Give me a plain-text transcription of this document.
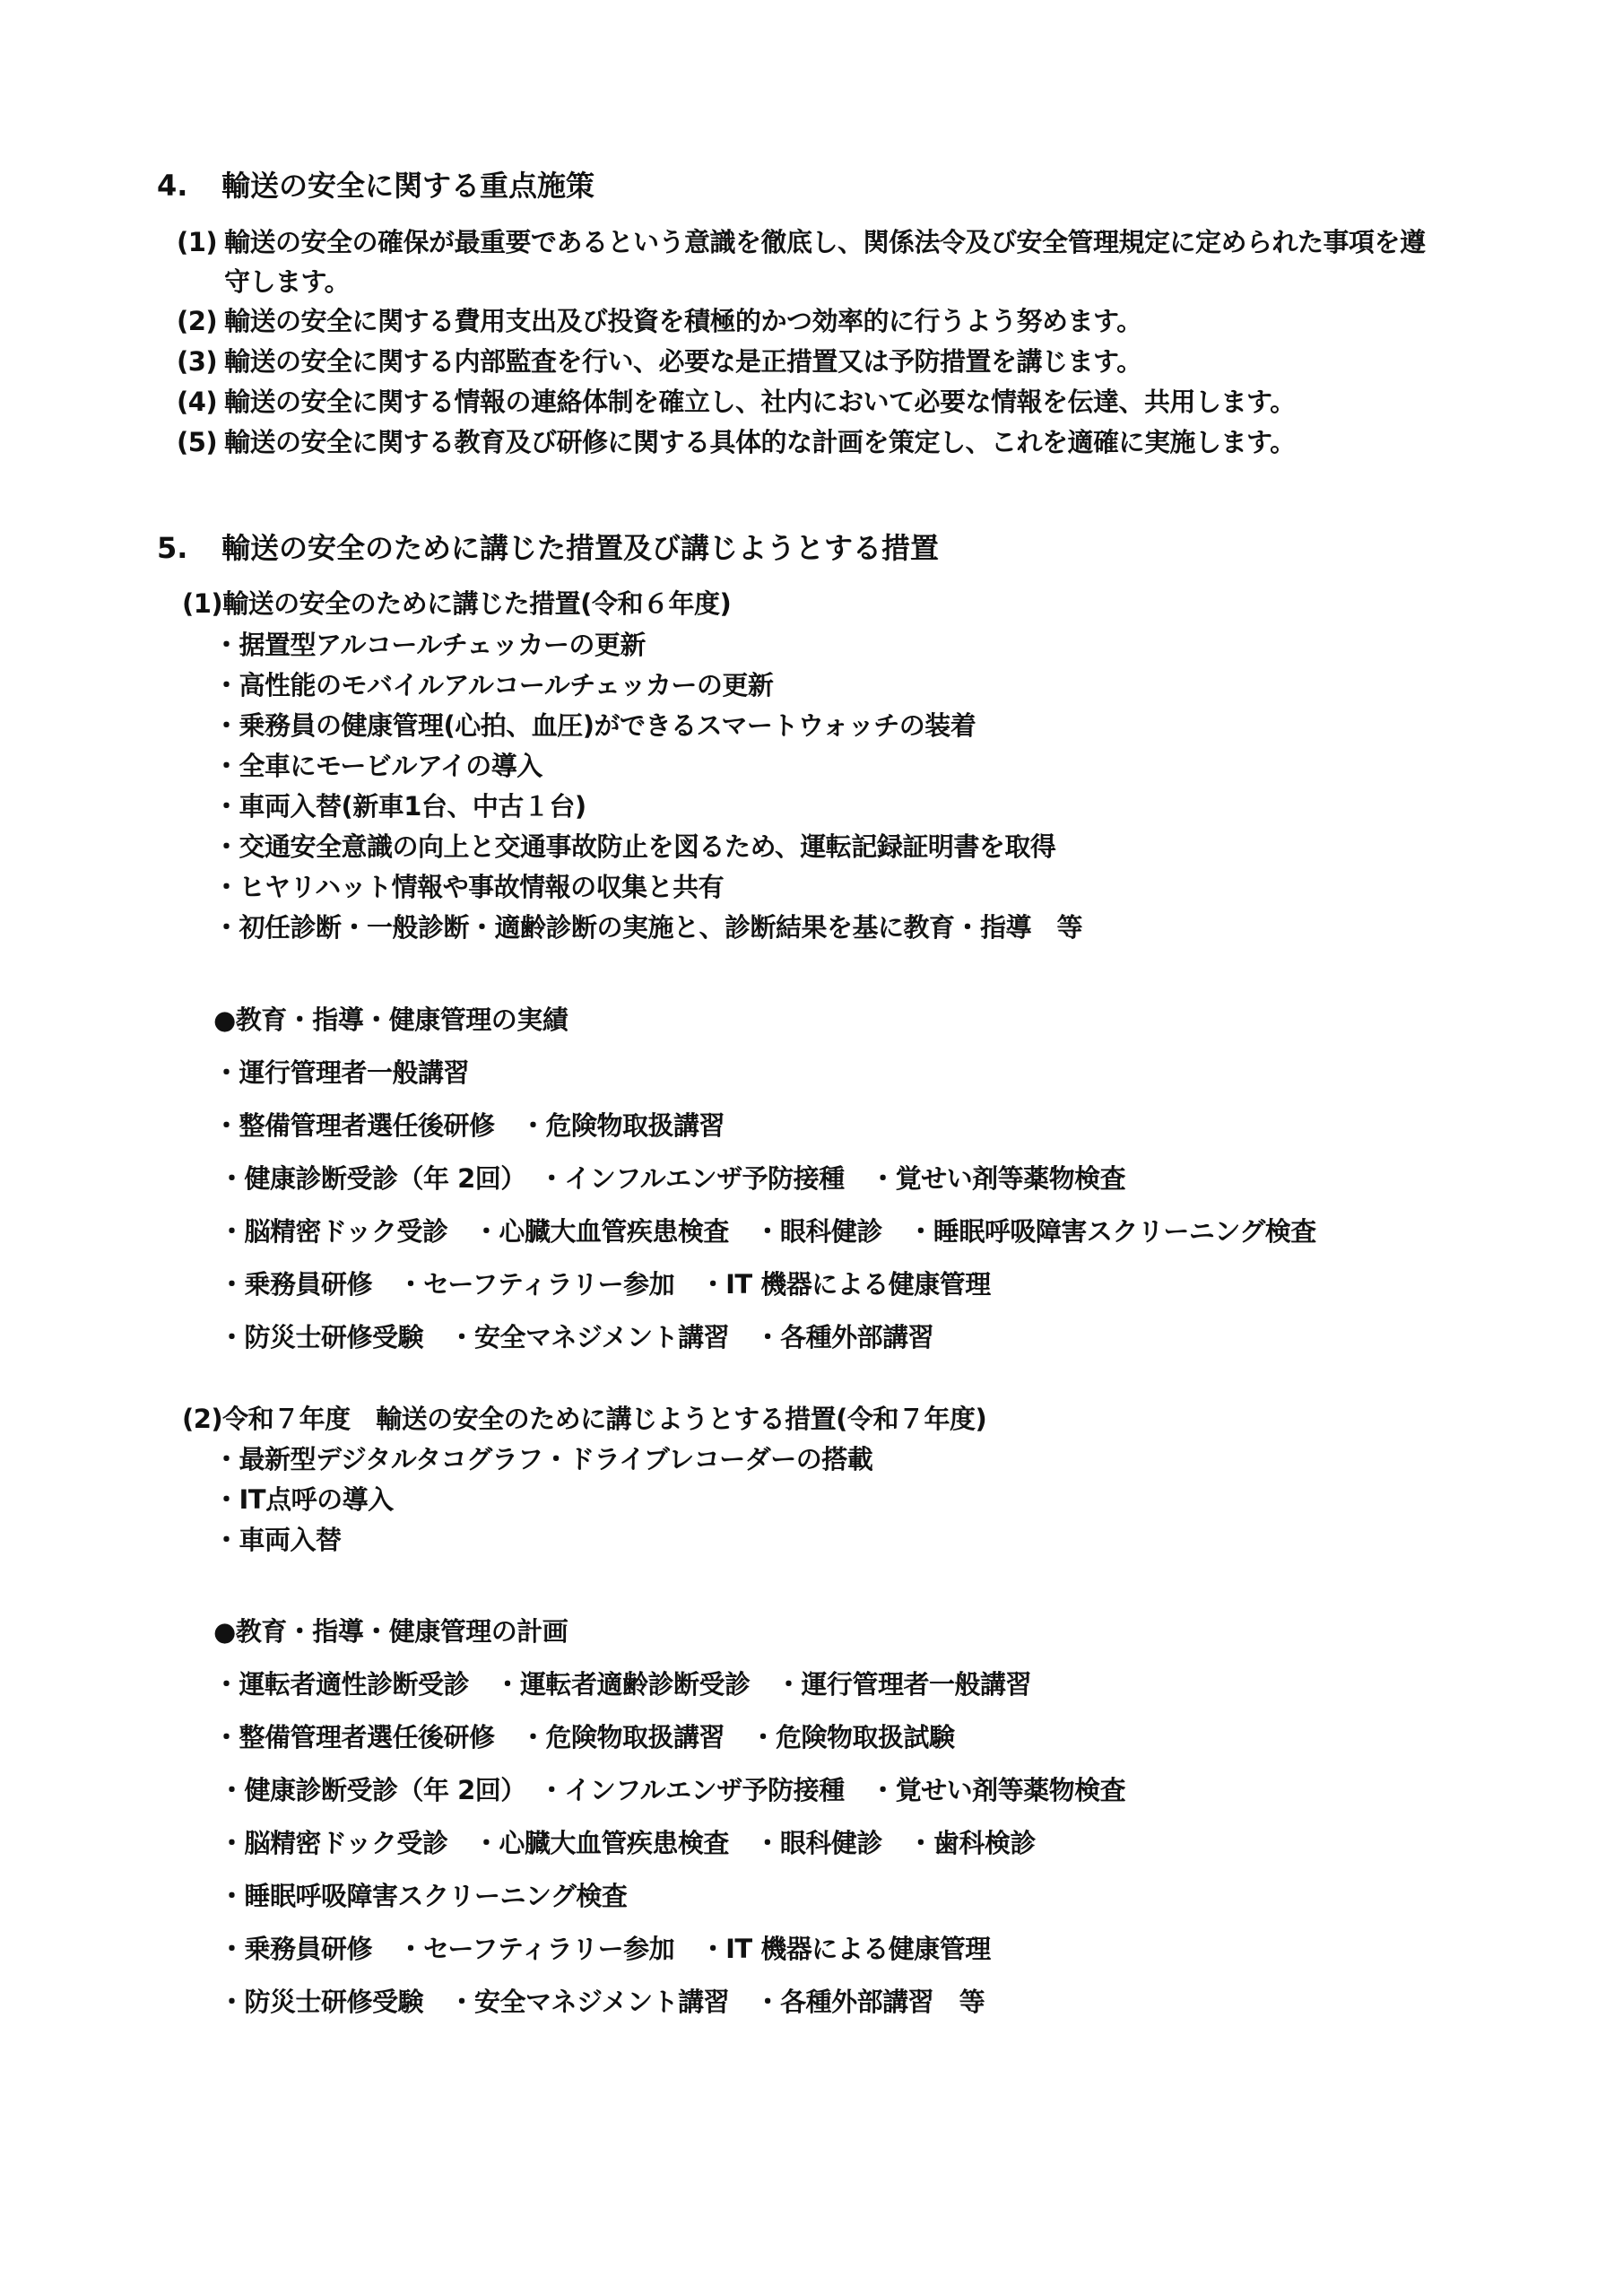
4. 輸送の安全に関する重点施策
(1) 輸送の安全の確保が最重要であるという意識を徹底し、関係法令及び安全管理規定に定められた事項を遵
守します。
(2) 輸送の安全に関する費用支出及び投資を積極的かつ効率的に行うよう努めます。
(3) 輸送の安全に関する内部監査を行い、必要な是正措置又は予防措置を講じます。
(4) 輸送の安全に関する情報の連絡体制を確立し、社内において必要な情報を伝達、共用します。
(5) 輸送の安全に関する教育及び研修に関する具体的な計画を策定し、これを適確に実施します。
5. 輸送の安全のために講じた措置及び講じようとする措置
(1)輸送の安全のために講じた措置(令和６年度)
・据置型アルコールチェッカーの更新
・高性能のモバイルアルコールチェッカーの更新
・乗務員の健康管理(心拍、血圧)ができるスマートウォッチの装着
・全車にモービルアイの導入
・車両入替(新車1台、中古１台)
・交通安全意識の向上と交通事故防止を図るため、運転記録証明書を取得
・ヒヤリハット情報や事故情報の収集と共有
・初任診断・一般診断・適齢診断の実施と、診断結果を基に教育・指導　等
●教育・指導・健康管理の実績
・運行管理者一般講習
・整備管理者選任後研修　・危険物取扱講習
・健康診断受診（年 2回）　・インフルエンザ予防接種　・覚せい剤等薬物検査
・脳精密ドック受診　・心臓大血管疾患検査　・眼科健診　・睡眠呼吸障害スクリーニング検査
・乗務員研修　・セーフティラリー参加　・IT 機器による健康管理
・防災士研修受験　・安全マネジメント講習　・各種外部講習
(2)令和７年度　輸送の安全のために講じようとする措置(令和７年度)
・最新型デジタルタコグラフ・ドライブレコーダーの搭載
・IT点呼の導入
・車両入替
●教育・指導・健康管理の計画
・運転者適性診断受診　・運転者適齢診断受診　・運行管理者一般講習
・整備管理者選任後研修　・危険物取扱講習　・危険物取扱試験
・健康診断受診（年 2回）　・インフルエンザ予防接種　・覚せい剤等薬物検査
・脳精密ドック受診　・心臓大血管疾患検査　・眼科健診　・歯科検診
・睡眠呼吸障害スクリーニング検査
・乗務員研修　・セーフティラリー参加　・IT 機器による健康管理
・防災士研修受験　・安全マネジメント講習　・各種外部講習　等
